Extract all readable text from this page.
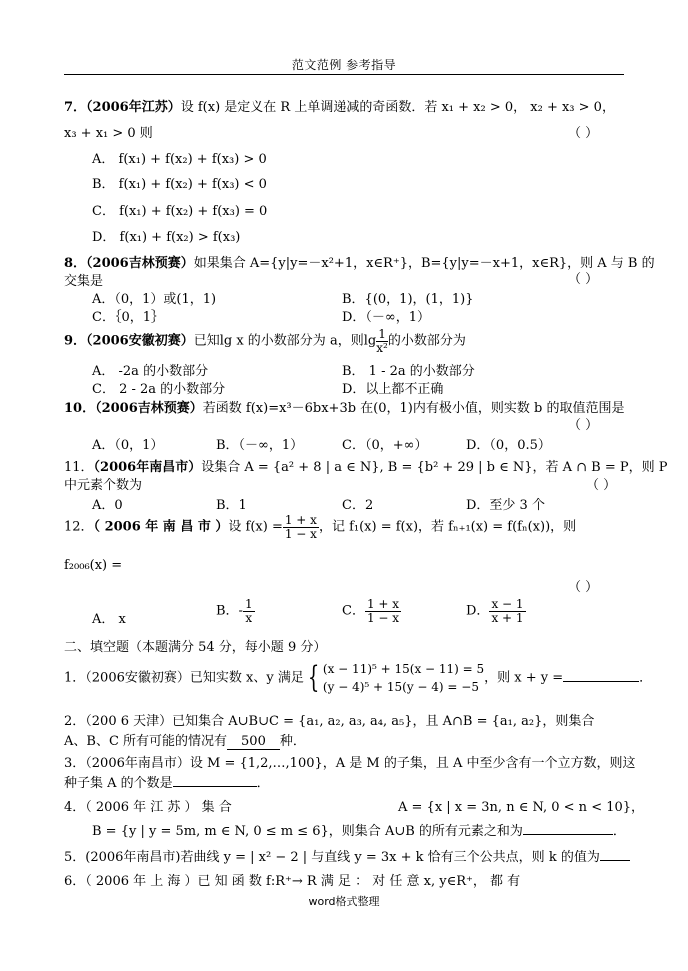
范文范例 参考指导
7．（2006年江苏）设 f(x) 是定义在 R 上单调递减的奇函数．若 x₁ + x₂ > 0， x₂ + x₃ > 0，
x₃ + x₁ > 0 则	（ ）
A． f(x₁) + f(x₂) + f(x₃) > 0
B． f(x₁) + f(x₂) + f(x₃) < 0
C． f(x₁) + f(x₂) + f(x₃) = 0
D． f(x₁) + f(x₂) > f(x₃)
8．（2006吉林预赛）如果集合 A={y|y=－x²+1，x∈R⁺}，B={y|y=－x+1，x∈R}，则 A 与 B 的
交集是	（ ）
A．（0，1）或(1，1)	B．{(0，1)，(1，1)}
C．｛0，1｝	D．（－∞，1）
9．（2006安徽初赛）已知lg x 的小数部分为 a，则$\lg \frac{1}{\text{x²}}$ 的小数部分为
A． -2a 的小数部分	B． 1 - 2a 的小数部分
C． 2 - 2a 的小数部分	D．以上都不正确
10．（2006吉林预赛）若函数 f(x)=x³－6bx+3b 在(0，1)内有极小值，则实数 b 的取值范围是
（ ）
A．（0，1）	B．（－∞，1）	C．（0，+∞）	D．（0，0.5）
11．（2006年南昌市）设集合 A = {a² + 8 | a ∈ N}, B = {b² + 29 | b ∈ N}，若 A ∩ B = P，则 P
中元素个数为	（ ）
A．0	B．1	C．2	D．至少 3 个
12．（ 2006 年 南 昌 市 ）设 $f(x) = \frac{1 + x}{1 - x}$ ，记 f₁(x) = f(x)，若 fₙ₊₁(x) = f(fₙ(x))，则
f₂₀₀₆(x) =
（ ）
A． x
B．- $\frac{1}{x}$	C． $\frac{1 + x}{1 - x}$	D． $\frac{x - 1}{x + 1}$
二、填空题（本题满分 54 分，每小题 9 分）
1．（2006安徽初赛）已知实数 x、y 满足 { (x − 11)⁵ + 15(x − 11) = 5
(y − 4)⁵ + 15(y − 4) = −5
，则 x + y =	．
2．（200 6 天津）已知集合 A∪B∪C = {a₁, a₂, a₃, a₄, a₅}，且 A∩B = {a₁, a₂}，则集合
A、B、C 所有可能的情况有 500 种．
3．（2006年南昌市）设 M = {1,2,…,100}，A 是 M 的子集，且 A 中至少含有一个立方数，则这
种子集 A 的个数是	．
4．（ 2006 年 江 苏 ） 集 合	A = {x | x = 3n, n ∈ N, 0 < n < 10}，
B = {y | y = 5m, m ∈ N, 0 ≤ m ≤ 6}，则集合 A∪B 的所有元素之和为	．
5．(2006年南昌市)若曲线 y = | x² − 2 | 与直线 y = 3x + k 恰有三个公共点，则 k 的值为
6．（ 2006 年 上 海 ）已 知 函 数 f:R⁺→ R 满 足 ： 对 任 意 x, y∈R⁺， 都 有
word格式整理
